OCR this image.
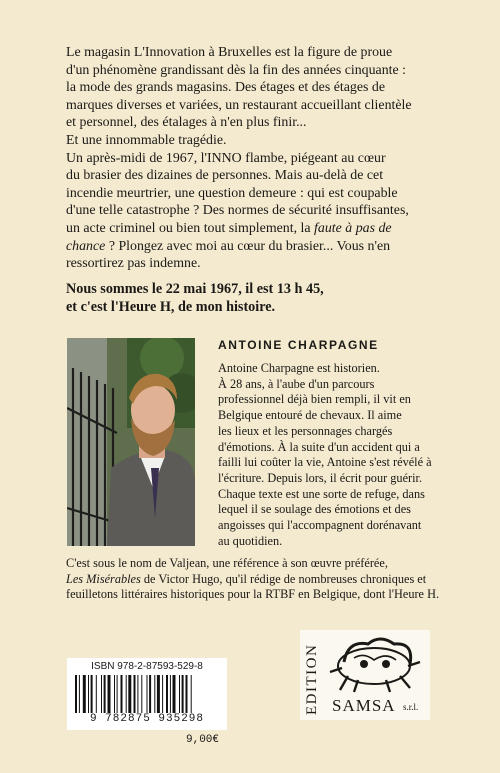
Le magasin L'Innovation à Bruxelles est la figure de proue

d'un phénomène grandissant dès la fin des années cinquante :

la mode des grands magasins. Des étages et des étages de

marques diverses et variées, un restaurant accueillant clientèle

et personnel, des étalages à n'en plus finir...

Et une innommable tragédie.

Un après-midi de 1967, l'INNO flambe, piégeant au cœur

du brasier des dizaines de personnes. Mais au-delà de cet

incendie meurtrier, une question demeure : qui est coupable

d'une telle catastrophe ? Des normes de sécurité insuffisantes,

un acte criminel ou bien tout simplement, la faute à pas de

chance ? Plongez avec moi au cœur du brasier... Vous n'en

ressortirez pas indemne.

Nous sommes le 22 mai 1967, il est 13 h 45,
et c'est l'Heure H, de mon histoire.
ANTOINE CHARPAGNE

Antoine Charpagne est historien.

À 28 ans, à l'aube d'un parcours

professionnel déjà bien rempli, il vit en

Belgique entouré de chevaux. Il aime

les lieux et les personnages chargés

d'émotions. À la suite d'un accident qui a

failli lui coûter la vie, Antoine s'est révélé à

l'écriture. Depuis lors, il écrit pour guérir.

Chaque texte est une sorte de refuge, dans

lequel il se soulage des émotions et des

angoisses qui l'accompagnent dorénavant

au quotidien.

C'est sous le nom de Valjean, une référence à son œuvre préférée,

Les Misérables de Victor Hugo, qu'il rédige de nombreuses chroniques et

feuilletons littéraires historiques pour la RTBF en Belgique, dont l'Heure H.

ISBN 978-2-87593-529-8
9 782875 935298
9,00€
EDITION SAMSA s.r.l.
